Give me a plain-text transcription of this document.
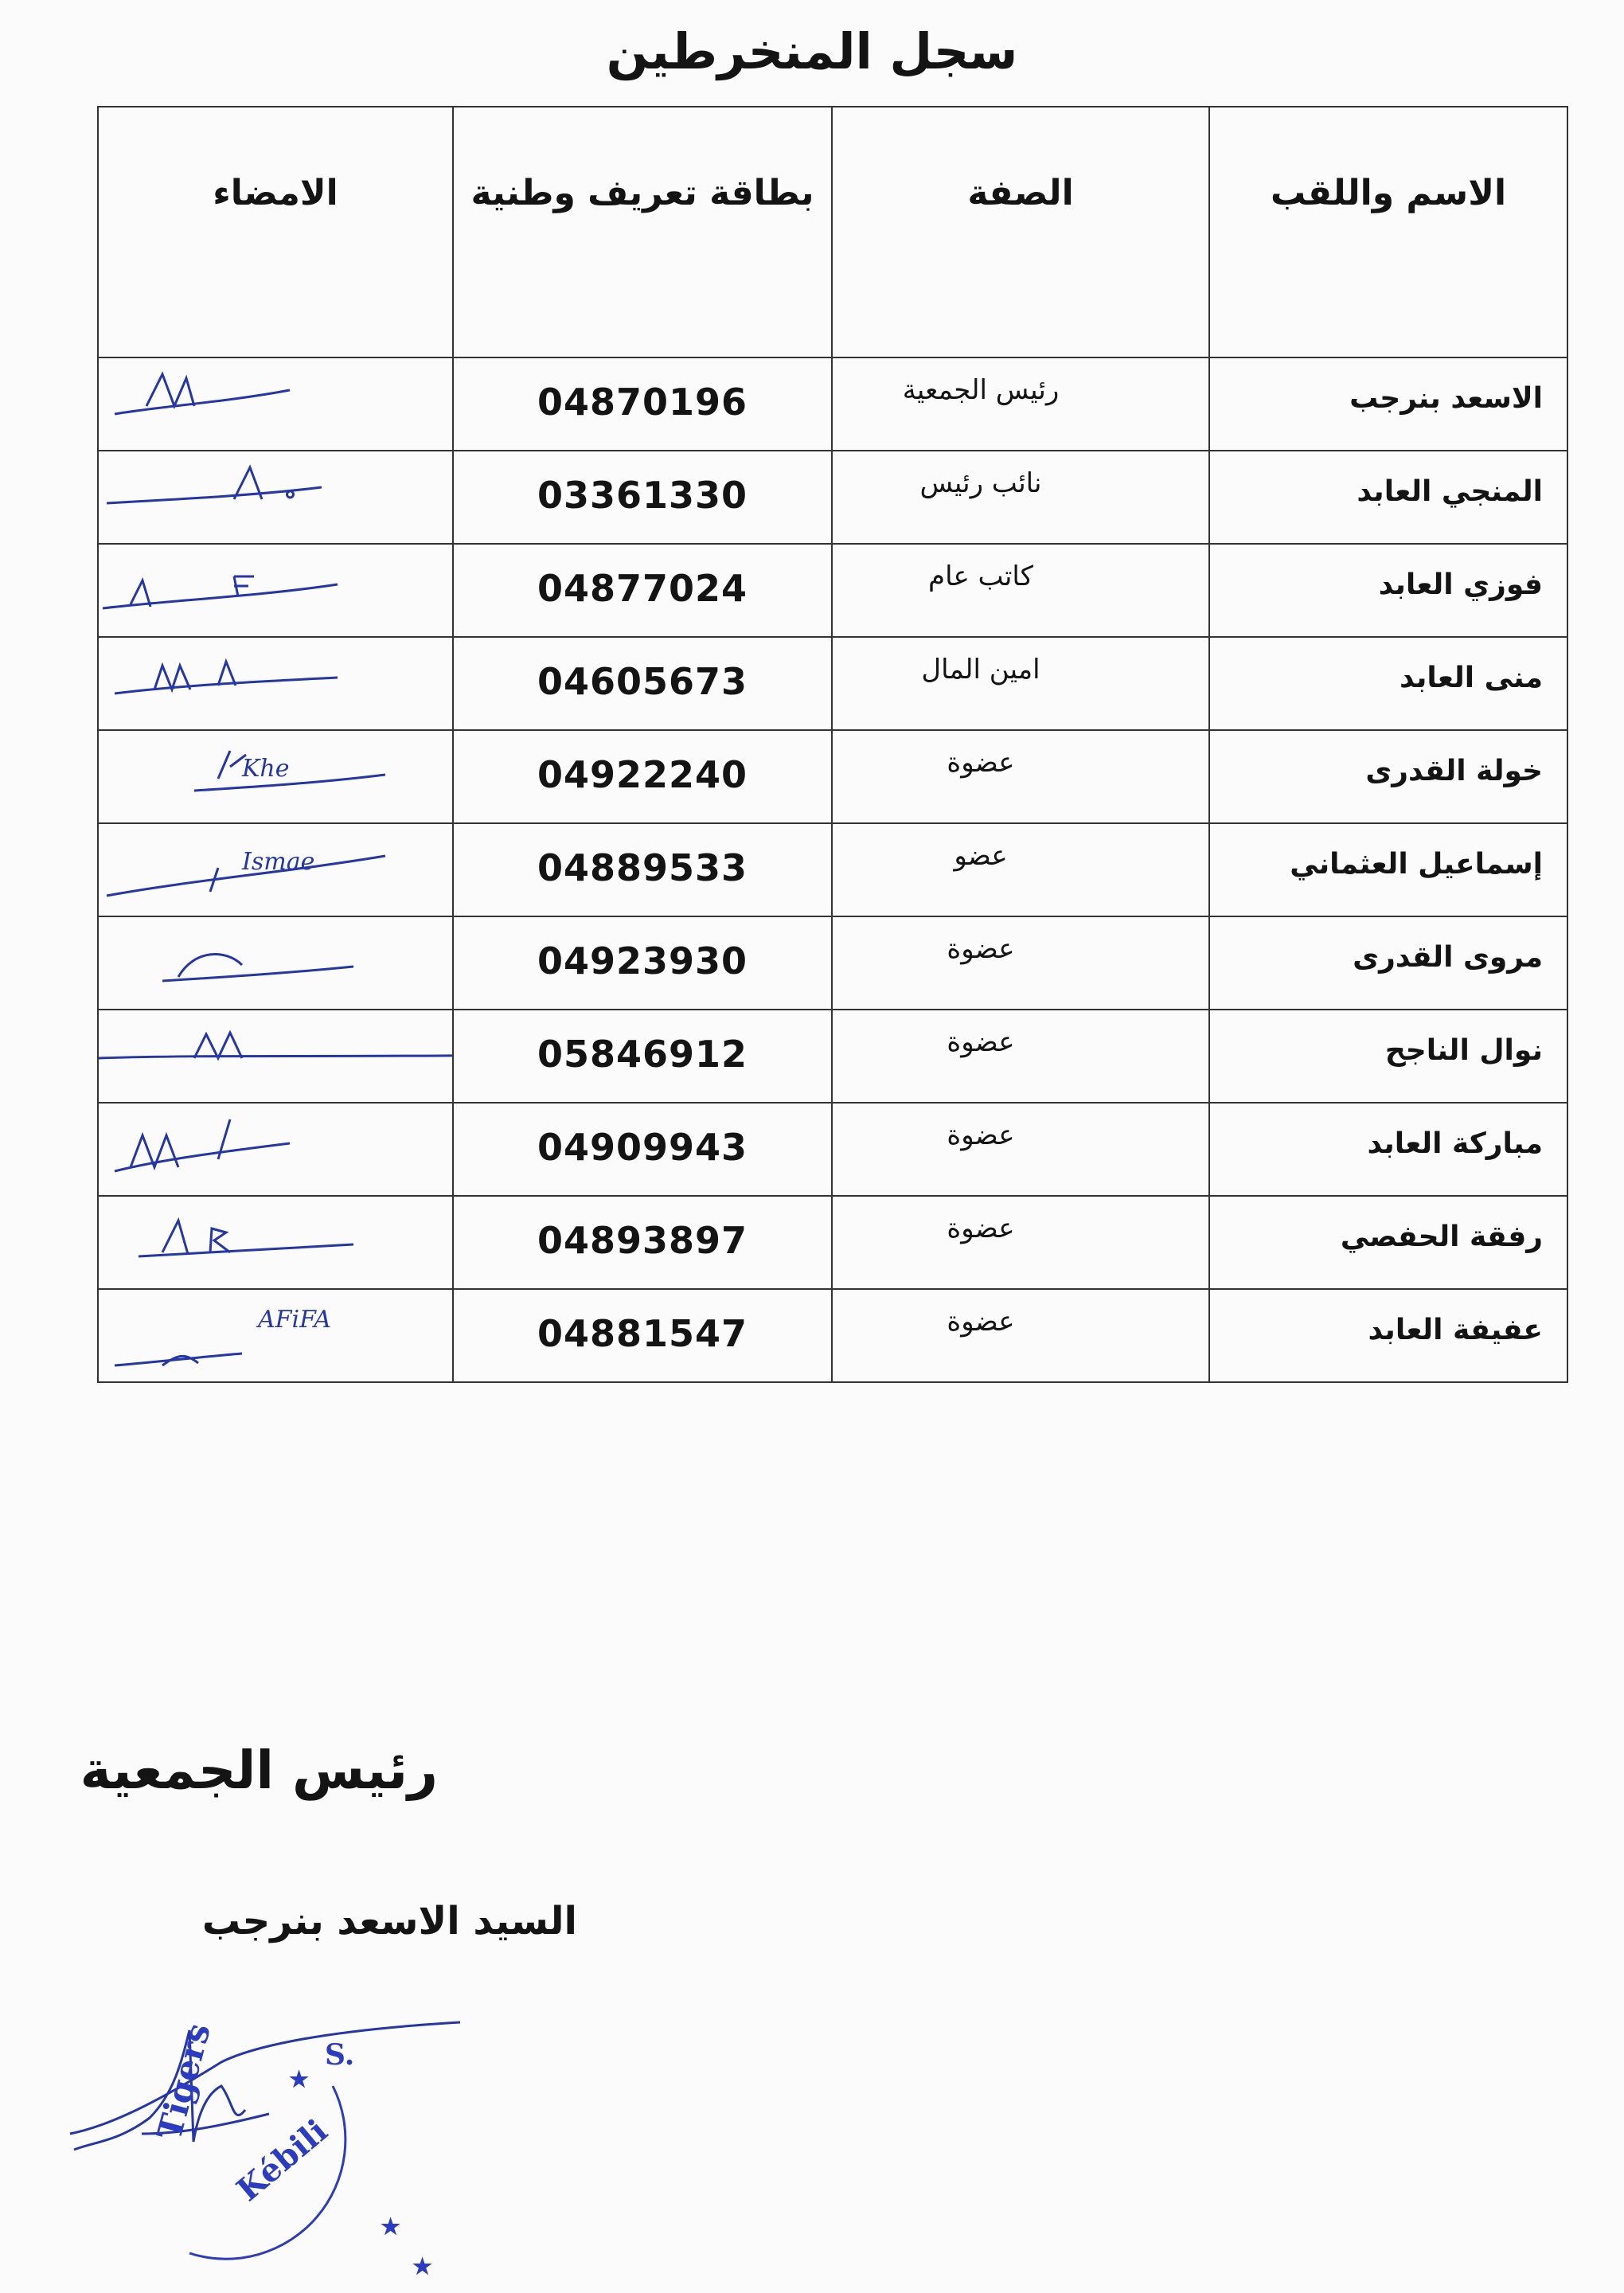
سجل المنخرطين
الاسم واللقب	الصفة	بطاقة تعريف وطنية	الامضاء

الاسعد بنرجب	رئيس الجمعية	04870196

المنجي العابد	نائب رئيس	03361330

فوزي العابد	كاتب عام	04877024

منى العابد	امين المال	04605673

خولة القدرى	عضوة	04922240	Khe

إسماعيل العثماني	عضو	04889533	Ismae

مروى القدرى	عضوة	04923930

نوال الناجح	عضوة	05846912

مباركة العابد	عضوة	04909943

رفقة الحفصي	عضوة	04893897

عفيفة العابد	عضوة	04881547	AFiFA
رئيس الجمعية
السيد الاسعد بنرجب
Tigers
Kébili
S.
★
★
★
